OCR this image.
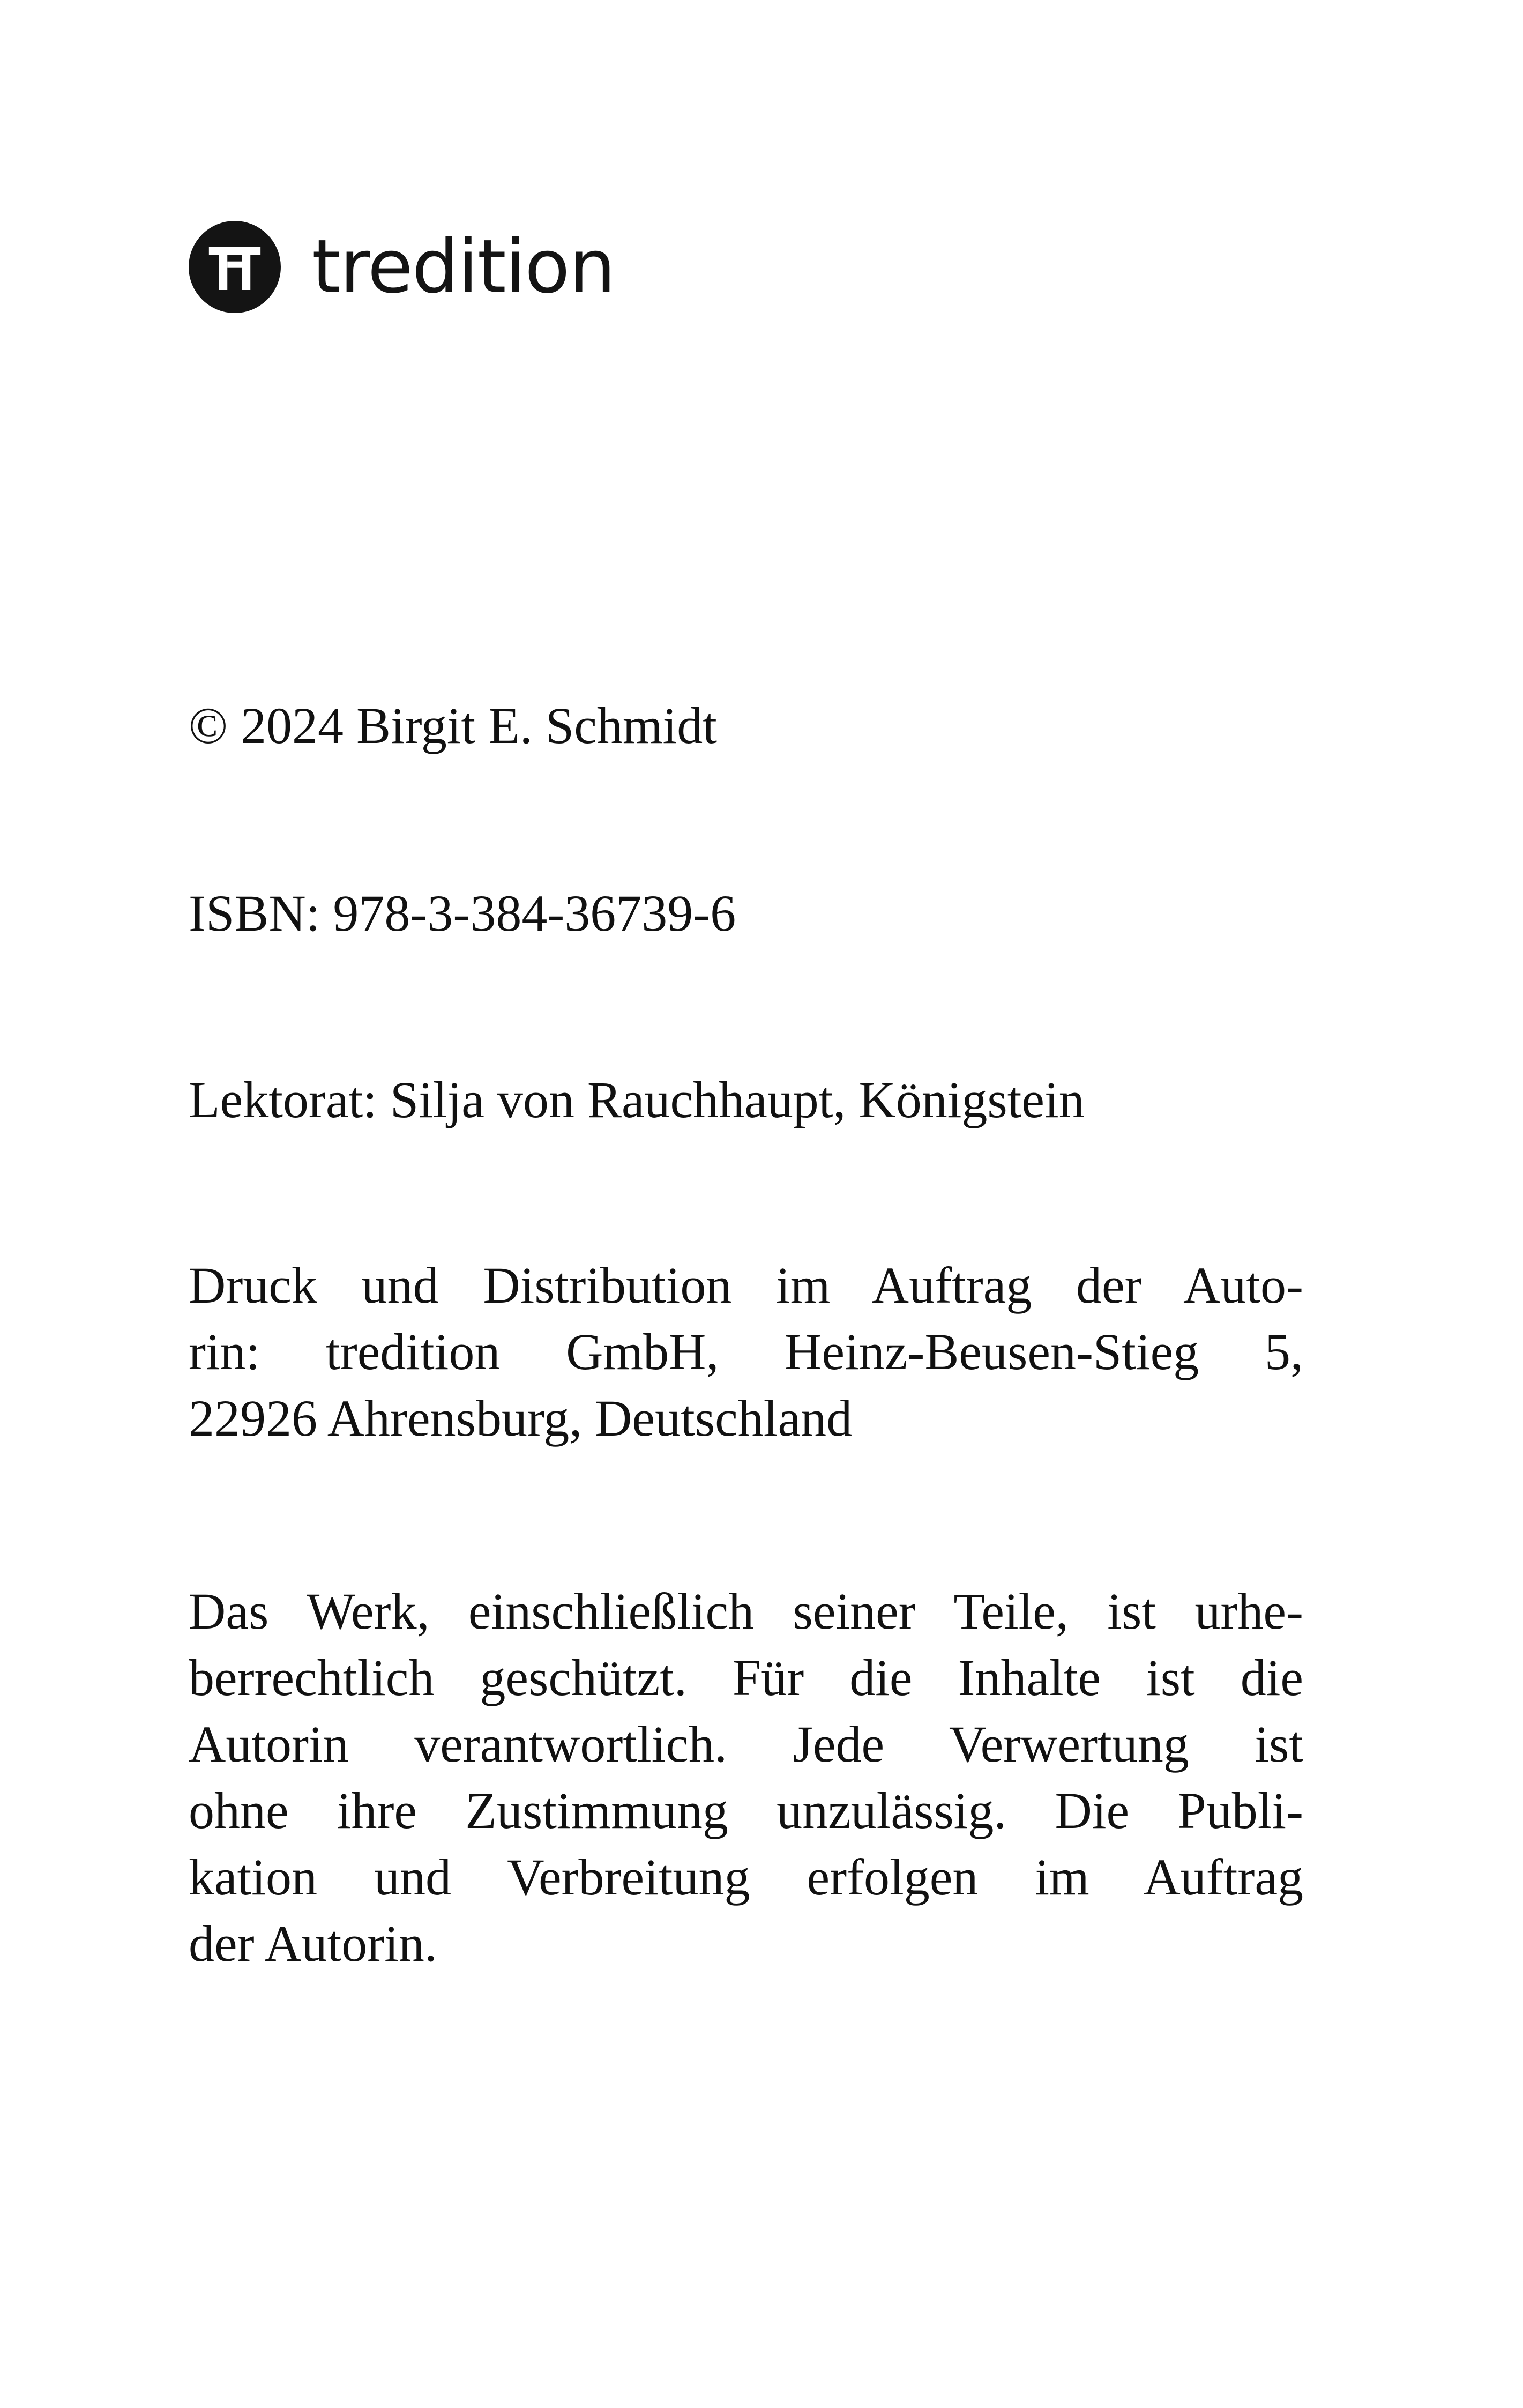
tredition

© 2024 Birgit E. Schmidt

ISBN: 978-3-384-36739-6

Lektorat: Silja von Rauchhaupt, Königstein

Druck und Distribution im Auftrag der Auto-
rin: tredition GmbH, Heinz-Beusen-Stieg 5,
22926 Ahrensburg, Deutschland
Das Werk, einschließlich seiner Teile, ist urhe-
berrechtlich geschützt. Für die Inhalte ist die
Autorin verantwortlich. Jede Verwertung ist
ohne ihre Zustimmung unzulässig. Die Publi-
kation und Verbreitung erfolgen im Auftrag
der Autorin.
